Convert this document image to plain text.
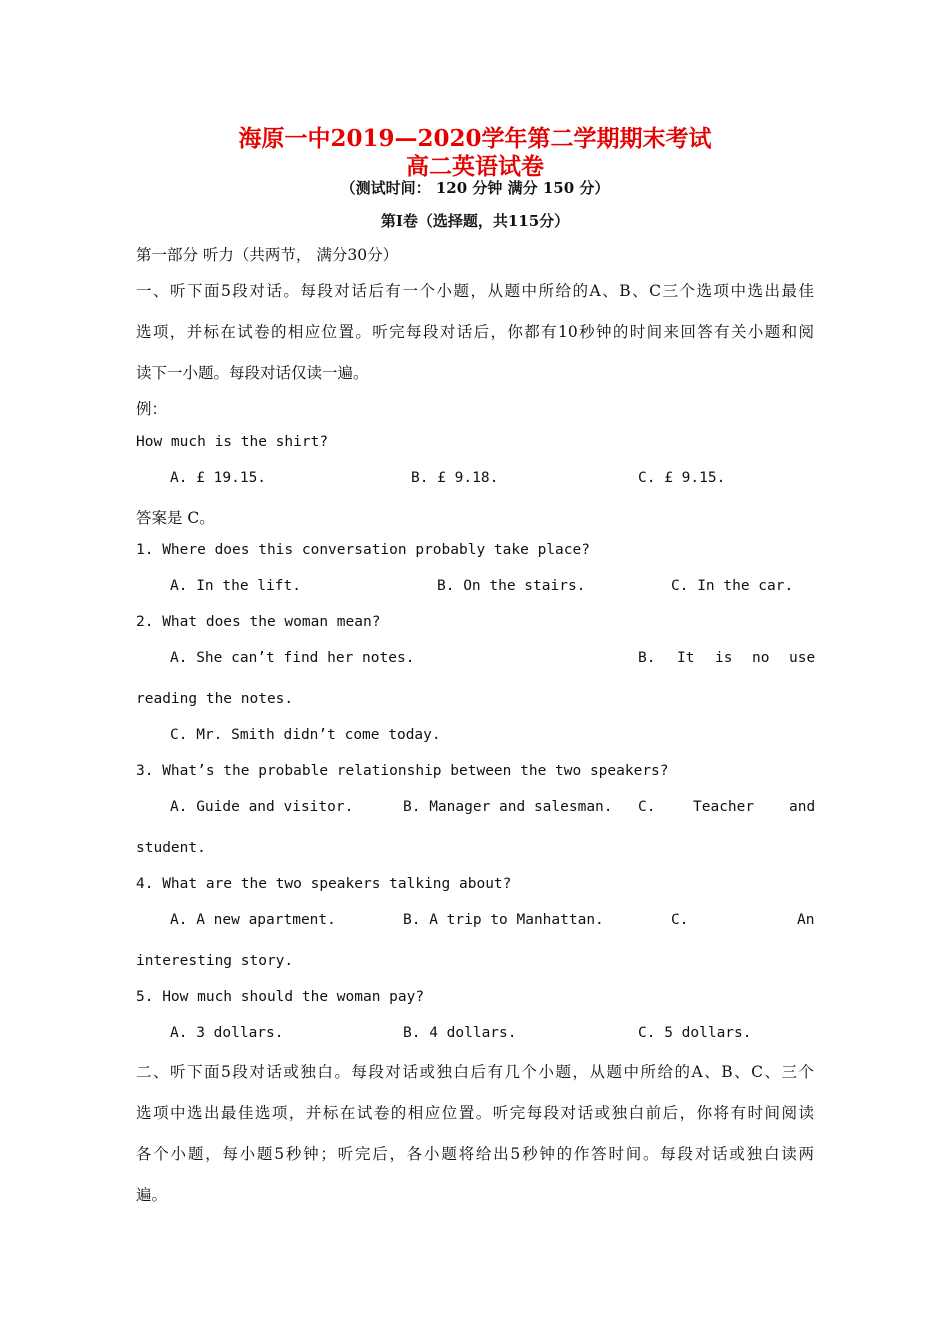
海原一中2019—2020学年第二学期期末考试
高二英语试卷
（测试时间： 120 分钟 满分 150 分）
第Ⅰ卷（选择题，共115分）
第一部分 听力（共两节， 满分30分）
一、听下面5段对话。每段对话后有一个小题，从题中所给的A、B、C三个选项中选出最佳
选项，并标在试卷的相应位置。听完每段对话后，你都有10秒钟的时间来回答有关小题和阅
读下一小题。每段对话仅读一遍。
例：
How much is the shirt?
A. £ 19.15.	B. £ 9.18.	C. £ 9.15.
答案是 C。
1. Where does this conversation probably take place?
A. In the lift.	B. On the stairs.	C. In the car.
2. What does the woman mean?
A. She can’t find her notes.	B. It is no use
reading the notes.
C. Mr. Smith didn’t come today.
3. What’s the probable relationship between the two speakers?
A. Guide and visitor.	B. Manager and salesman. C.	Teacher and
student.
4. What are the two speakers talking about?
A. A new apartment.	B. A trip to Manhattan.	C.	An
interesting story.
5. How much should the woman pay?
A. 3 dollars.	B. 4 dollars.	C. 5 dollars.
二、听下面5段对话或独白。每段对话或独白后有几个小题，从题中所给的A、B、C、三个
选项中选出最佳选项，并标在试卷的相应位置。听完每段对话或独白前后，你将有时间阅读
各个小题，每小题5秒钟；听完后，各小题将给出5秒钟的作答时间。每段对话或独白读两
遍。
